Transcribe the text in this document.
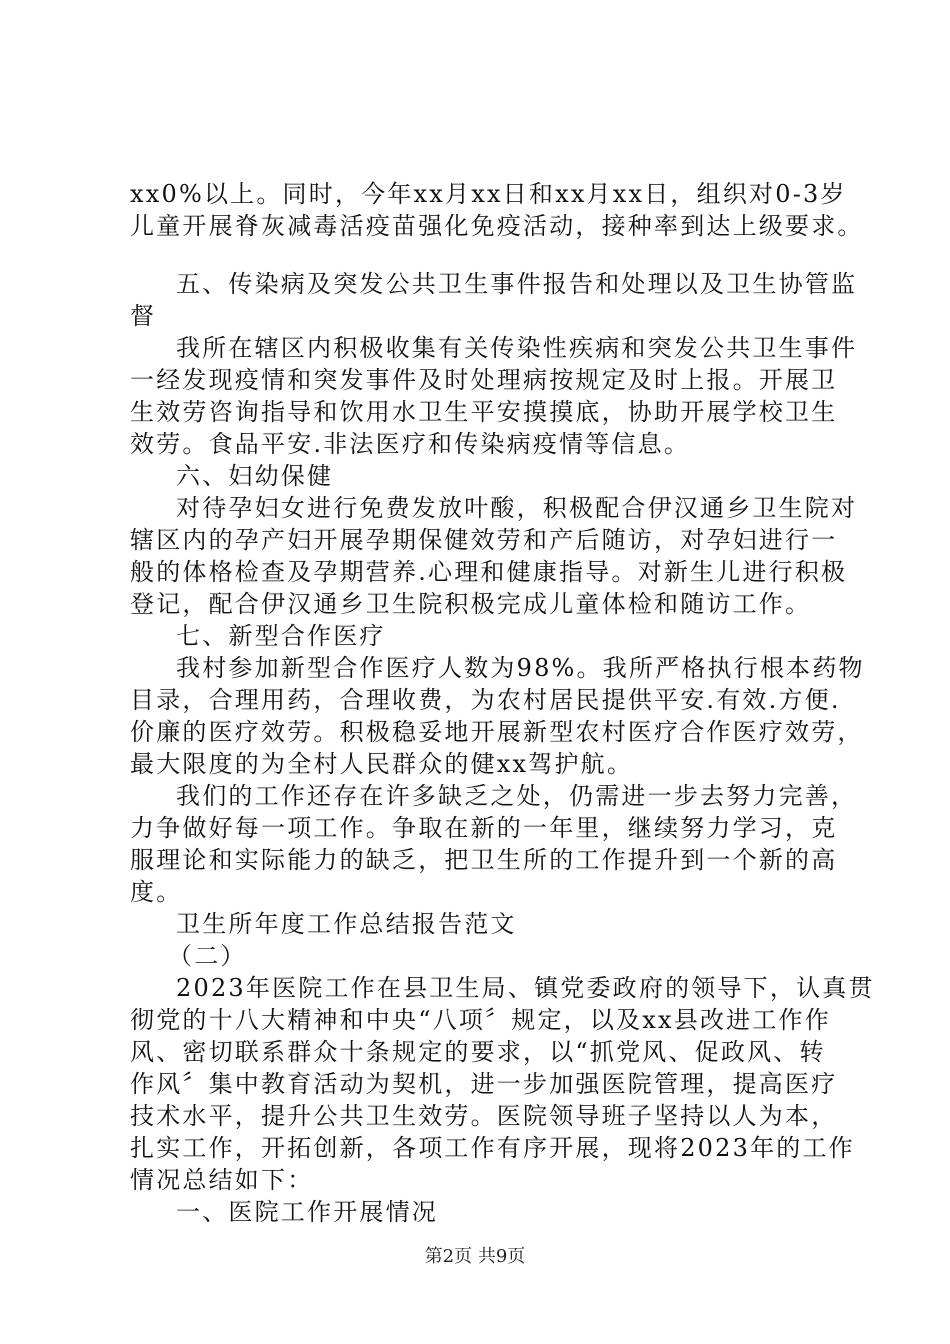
xx0%以上。同时，今年xx月xx日和xx月xx日，组织对0-3岁
儿童开展脊灰减毒活疫苗强化免疫活动，接种率到达上级要求。
五、传染病及突发公共卫生事件报告和处理以及卫生协管监
督
我所在辖区内积极收集有关传染性疾病和突发公共卫生事件
一经发现疫情和突发事件及时处理病按规定及时上报。开展卫
生效劳咨询指导和饮用水卫生平安摸摸底，协助开展学校卫生
效劳。食品平安.非法医疗和传染病疫情等信息。
六、妇幼保健
对待孕妇女进行免费发放叶酸，积极配合伊汉通乡卫生院对
辖区内的孕产妇开展孕期保健效劳和产后随访，对孕妇进行一
般的体格检查及孕期营养.心理和健康指导。对新生儿进行积极
登记，配合伊汉通乡卫生院积极完成儿童体检和随访工作。
七、新型合作医疗
我村参加新型合作医疗人数为98%。我所严格执行根本药物
目录，合理用药，合理收费，为农村居民提供平安.有效.方便.
价廉的医疗效劳。积极稳妥地开展新型农村医疗合作医疗效劳，
最大限度的为全村人民群众的健xx驾护航。
我们的工作还存在许多缺乏之处，仍需进一步去努力完善，
力争做好每一项工作。争取在新的一年里，继续努力学习，克
服理论和实际能力的缺乏，把卫生所的工作提升到一个新的高
度。
卫生所年度工作总结报告范文
（二）
2023年医院工作在县卫生局、镇党委政府的领导下，认真贯
彻党的十八大精神和中央“八项〞规定，以及xx县改进工作作
风、密切联系群众十条规定的要求，以“抓党风、促政风、转
作风〞集中教育活动为契机，进一步加强医院管理，提高医疗
技术水平，提升公共卫生效劳。医院领导班子坚持以人为本，
扎实工作，开拓创新，各项工作有序开展，现将2023年的工作
情况总结如下：
一、医院工作开展情况
第2页 共9页
